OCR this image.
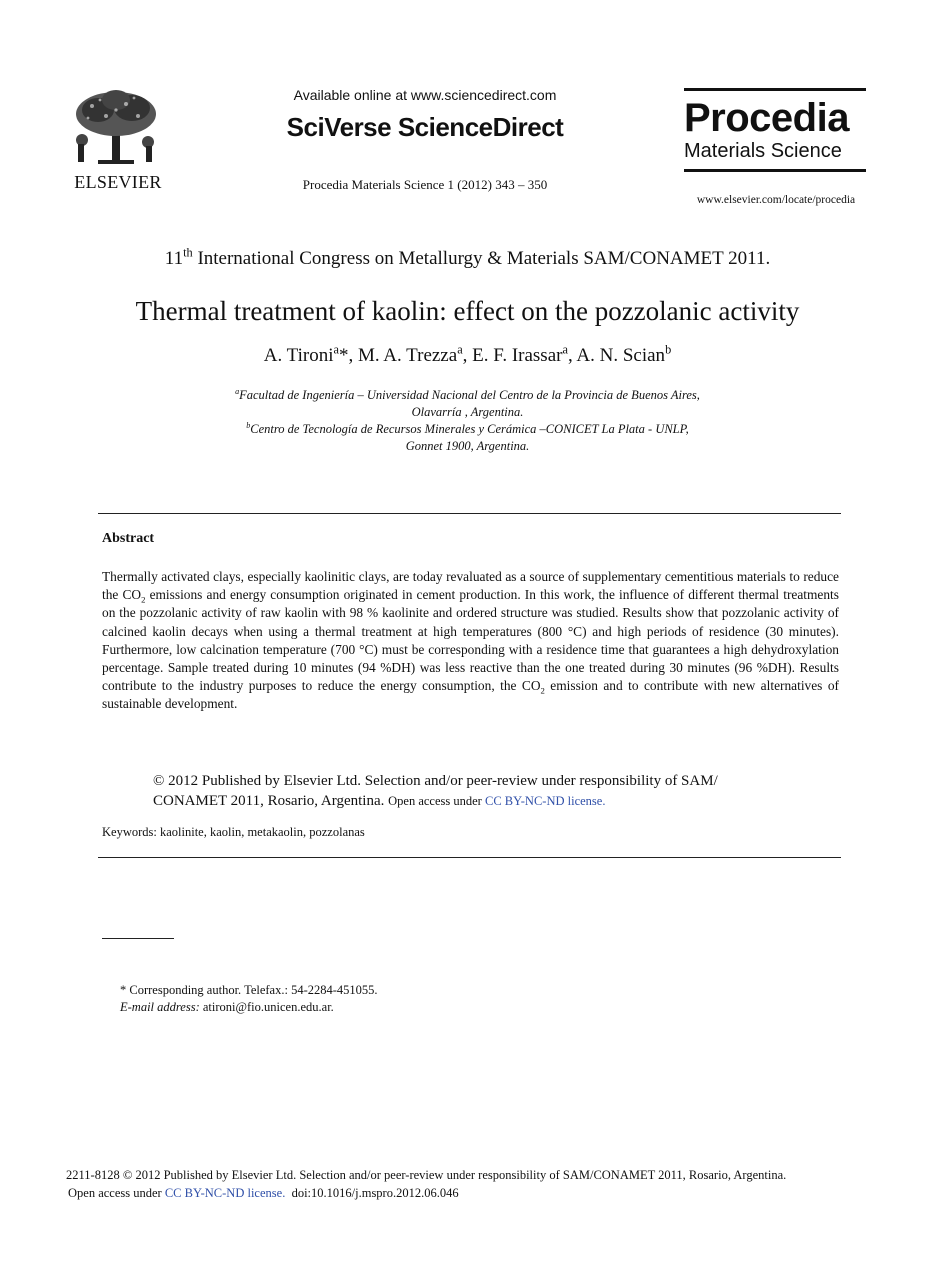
ELSEVIER
Available online at www.sciencedirect.com
SciVerse ScienceDirect
Procedia Materials Science 1 (2012) 343 – 350
Procedia
Materials Science
www.elsevier.com/locate/procedia
11th International Congress on Metallurgy & Materials SAM/CONAMET 2011.
Thermal treatment of kaolin: effect on the pozzolanic activity
A. Tironi$^a$*, M. A. Trezza$^a$, E. F. Irassar$^a$, A. N. Scian$^b$
$^a$Facultad de Ingeniería – Universidad Nacional del Centro de la Provincia de Buenos Aires,
Olavarría , Argentina.
$^b$Centro de Tecnología de Recursos Minerales y Cerámica –CONICET La Plata - UNLP,
Gonnet 1900, Argentina.
Abstract
Thermally activated clays, especially kaolinitic clays, are today revaluated as a source of supplementary cementitious materials to reduce the $CO_2$ emissions and energy consumption originated in cement production. In this work, the influence of different thermal treatments on the pozzolanic activity of raw kaolin with 98 % kaolinite and ordered structure was studied. Results show that pozzolanic activity of calcined kaolin decays when using a thermal treatment at high temperatures (800 °C) and high periods of residence (30 minutes). Furthermore, low calcination temperature (700 °C) must be corresponding with a residence time that guarantees a high dehydroxylation percentage. Sample treated during 10 minutes (94 %DH) was less reactive than the one treated during 30 minutes (96 %DH). Results contribute to the industry purposes to reduce the energy consumption, the $CO_2$ emission and to contribute with new alternatives of sustainable development.
© 2012 Published by Elsevier Ltd. Selection and/or peer-review under responsibility of SAM/
CONAMET 2011, Rosario, Argentina. Open access under CC BY-NC-ND license.
Keywords: kaolinite, kaolin, metakaolin, pozzolanas
* Corresponding author. Telefax.: 54-2284-451055.
E-mail address: atironi@fio.unicen.edu.ar.
2211-8128 © 2012 Published by Elsevier Ltd. Selection and/or peer-review under responsibility of SAM/CONAMET 2011, Rosario, Argentina.
Open access under CC BY-NC-ND license. doi:10.1016/j.mspro.2012.06.046
